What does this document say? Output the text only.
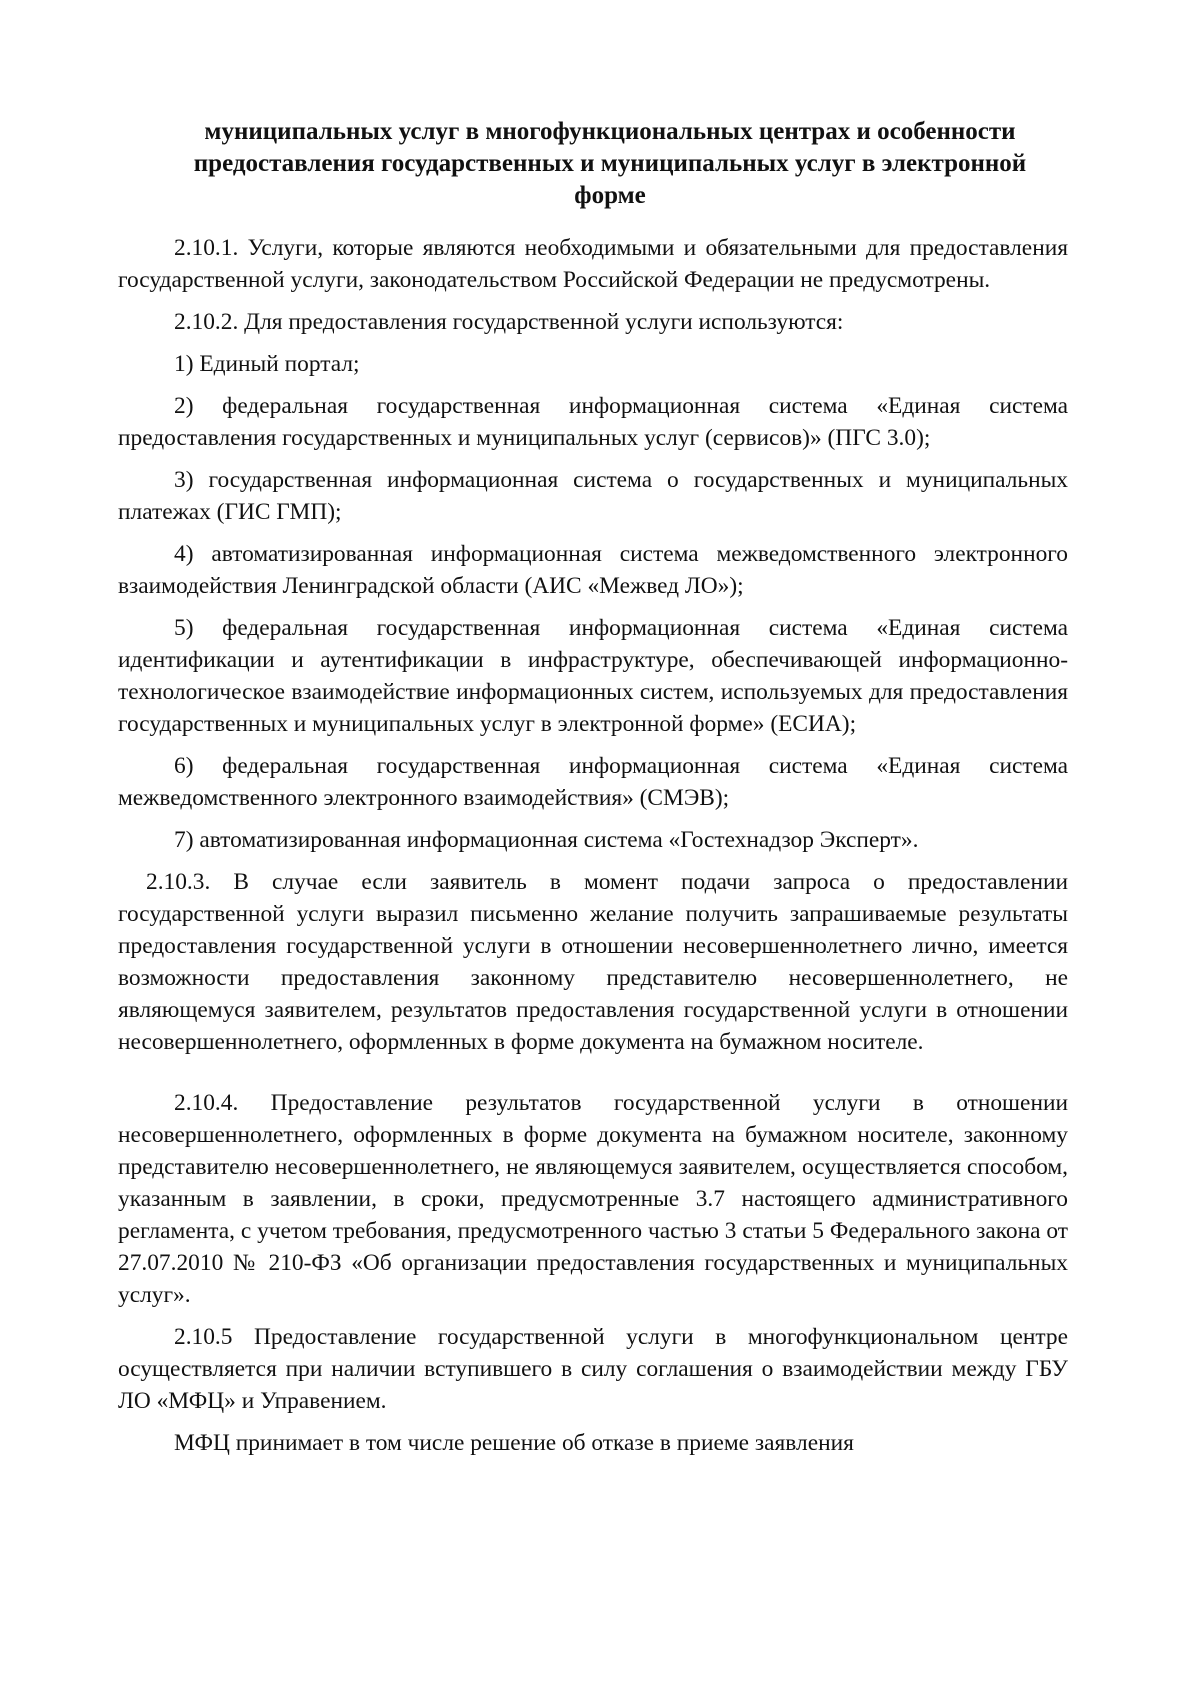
муниципальных услуг в многофункциональных центрах и особенности
предоставления государственных и муниципальных услуг в электронной
форме

2.10.1. Услуги, которые являются необходимыми и обязательными для предоставления государственной услуги, законодательством Российской Федерации не предусмотрены.

2.10.2. Для предоставления государственной услуги используются:

1) Единый портал;

2) федеральная государственная информационная система «Единая система предоставления государственных и муниципальных услуг (сервисов)» (ПГС 3.0);

3) государственная информационная система о государственных и муниципальных платежах (ГИС ГМП);

4) автоматизированная информационная система межведомственного электронного взаимодействия Ленинградской области (АИС «Межвед ЛО»);

5) федеральная государственная информационная система «Единая система идентификации и аутентификации в инфраструктуре, обеспечивающей информационно-технологическое взаимодействие информационных систем, используемых для предоставления государственных и муниципальных услуг в электронной форме» (ЕСИА);

6) федеральная государственная информационная система «Единая система межведомственного электронного взаимодействия» (СМЭВ);

7) автоматизированная информационная система «Гостехнадзор Эксперт».

2.10.3. В случае если заявитель в момент подачи запроса о предоставлении государственной услуги выразил письменно желание получить запрашиваемые результаты предоставления государственной услуги в отношении несовершеннолетнего лично, имеется возможности предоставления законному представителю несовершеннолетнего, не являющемуся заявителем, результатов предоставления государственной услуги в отношении несовершеннолетнего, оформленных в форме документа на бумажном носителе.

2.10.4. Предоставление результатов государственной услуги в отношении несовершеннолетнего, оформленных в форме документа на бумажном носителе, законному представителю несовершеннолетнего, не являющемуся заявителем, осуществляется способом, указанным в заявлении, в сроки, предусмотренные 3.7 настоящего административного регламента, с учетом требования, предусмотренного частью 3 статьи 5 Федерального закона от 27.07.2010 № 210-ФЗ «Об организации предоставления государственных и муниципальных услуг».

2.10.5 Предоставление государственной услуги в многофункциональном центре осуществляется при наличии вступившего в силу соглашения о взаимодействии между ГБУ ЛО «МФЦ» и Управением.

МФЦ принимает в том числе решение об отказе в приеме заявления
